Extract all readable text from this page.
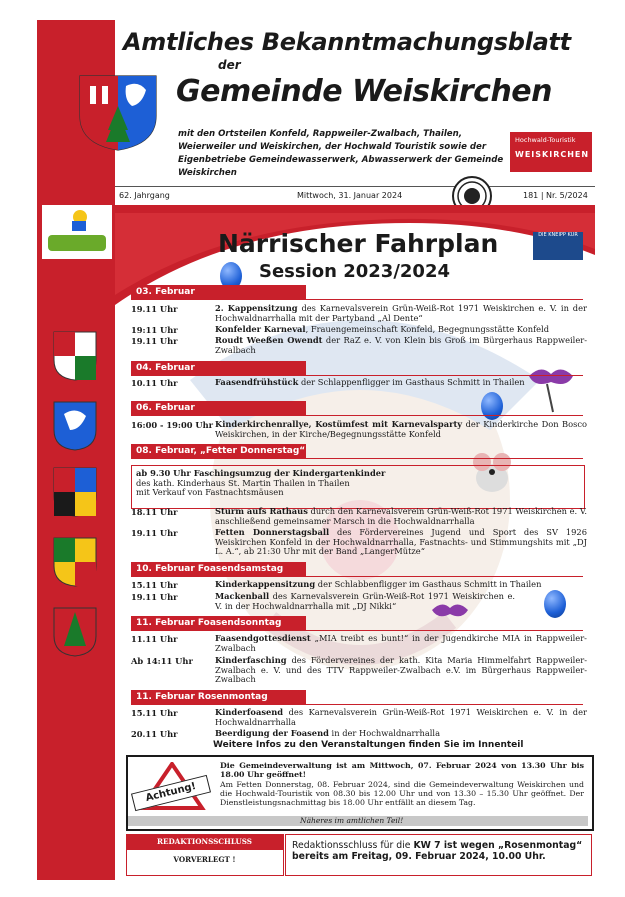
Amtliches Bekanntmachungsblatt
der
Gemeinde Weiskirchen
mit den Ortsteilen Konfeld, Rappweiler-Zwalbach, Thailen, Weierweiler und Weiskirchen, der Hochwald Touristik sowie der Eigenbetriebe Gemeindewasserwerk, Abwasserwerk der Gemeinde Weiskirchen
Hochwald-Touristik
WEISKIRCHEN
62. Jahrgang	Mittwoch, 31. Januar 2024	181 | Nr. 5/2024
DIE KNEIPP KUR
Närrischer Fahrplan
Session 2023/2024
03. Februar
19.11 Uhr	2. Kappensitzung des Karnevalsverein Grün-Weiß-Rot 1971 Weiskirchen e. V. in der Hochwaldnarrhalla mit der Partyband „Al Dente“
19:11 Uhr	Konfelder Karneval, Frauengemeinschaft Konfeld, Begegnungsstätte Konfeld
19.11 Uhr	Roudt Weeßen Owendt der RaZ e. V. von Klein bis Groß im Bürgerhaus Rappweiler-Zwalbach
04. Februar
10.11 Uhr	Faasendfrühstück der Schlappenfligger im Gasthaus Schmitt in Thailen
06. Februar
16:00 - 19:00 Uhr Kinderkirchenrallye, Kostümfest mit Karnevalsparty der Kinderkirche Don Bosco Weiskirchen, in der Kirche/Begegnungsstätte Konfeld
08. Februar, „Fetter Donnerstag“
ab 9.30 Uhr Faschingsumzug der Kindergartenkinder
des kath. Kinderhaus St. Martin Thailen in Thailen
mit Verkauf von Fastnachtsmäusen
18.11 Uhr	Sturm aufs Rathaus durch den Karnevalsverein Grün-Weiß-Rot 1971 Weiskirchen e. V. anschließend gemeinsamer Marsch in die Hochwaldnarrhalla
19.11 Uhr	Fetten Donnerstagsball des Fördervereines Jugend und Sport des SV 1926 Weiskirchen Konfeld in der Hochwaldnarrhalla, Fastnachts- und Stimmungshits mit „DJ L. A.“, ab 21:30 Uhr mit der Band „LangerMütze“
10. Februar Foasendsamstag
15.11 Uhr	Kinderkappensitzung der Schlabbenfligger im Gasthaus Schmitt in Thailen
19.11 Uhr	Mackenball des Karnevalsverein Grün-Weiß-Rot 1971 Weiskirchen e. V. in der Hochwaldnarrhalla mit „DJ Nikki“
11. Februar Foasendsonntag
11.11 Uhr	Faasendgottesdienst „MIA treibt es bunt!“ in der Jugendkirche MIA in Rappweiler-Zwalbach
Ab 14:11 Uhr	Kinderfasching des Fördervereines der kath. Kita Maria Himmelfahrt Rappweiler-Zwalbach e. V. und des TTV Rappweiler-Zwalbach e.V. im Bürgerhaus Rappweiler-Zwalbach
11. Februar Rosenmontag
15.11 Uhr	Kinderfoasend des Karnevalsverein Grün-Weiß-Rot 1971 Weiskirchen e. V. in der Hochwaldnarrhalla
20.11 Uhr	Beerdigung der Foasend in der Hochwaldnarrhalla
Weitere Infos zu den Veranstaltungen finden Sie im Innenteil
Achtung!
Die Gemeindeverwaltung ist am Mittwoch, 07. Februar 2024 von 13.30 Uhr bis 18.00 Uhr geöffnet!
Am Fetten Donnerstag, 08. Februar 2024, sind die Gemeindeverwaltung Weiskirchen und die Hochwald-Touristik von 08.30 bis 12.00 Uhr und von 13.30 – 15.30 Uhr geöffnet. Der Dienstleistungsnachmittag bis 18.00 Uhr entfällt an diesem Tag.
Näheres im amtlichen Teil!
REDAKTIONSSCHLUSS
VORVERLEGT !
Redaktionsschluss für die KW 7 ist wegen „Rosenmontag“
bereits am Freitag, 09. Februar 2024, 10.00 Uhr.
